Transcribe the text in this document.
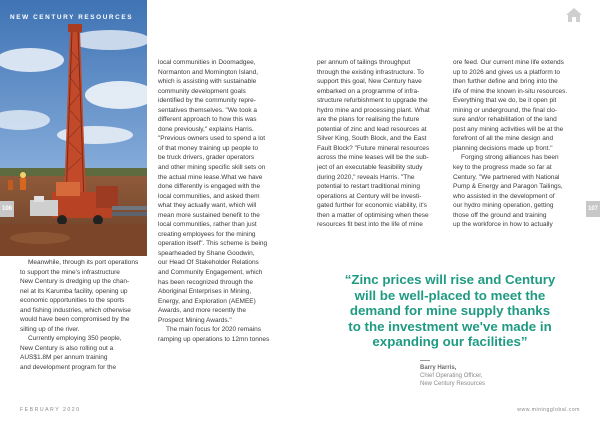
NEW CENTURY RESOURCES
106	107

Meanwhile, through its port operations

to support the mine's infrastructure

New Century is dredging up the chan-

nel at its Karumba facility, opening up

economic opportunities to the sports

and fishing industries, which otherwise

would have been compromised by the

silting up of the river.

Currently employing 350 people,

New Century is also rolling out a

AUS$1.8M per annum training

and development program for the

local communities in Doomadgee,

Normanton and Mornington Island,

which is assisting with sustainable

community development goals

identified by the community repre-

sentatives themselves. "We took a

different approach to how this was

done previously," explains Harris.

"Previous owners used to spend a lot

of that money training up people to

be truck drivers, grader operators

and other mining specific skill sets on

the actual mine lease.What we have

done differently is engaged with the

local communities, and asked them

what they actually want, which will

mean more sustained benefit to the

local communities, rather than just

creating employees for the mining

operation itself". This scheme is being

spearheaded by Shane Goodwin,

our Head Of Stakeholder Relations

and Community Engagement, which

has been recognized through the

Aboriginal Enterprises in Mining,

Energy, and Exploration (AEMEE)

Awards, and more recently the

Prospect Mining Awards."

The main focus for 2020 remains

ramping up operations to 12mn tonnes

per annum of tailings throughput

through the existing infrastructure. To

support this goal, New Century have

embarked on a programme of infra-

structure refurbishment to upgrade the

hydro mine and processing plant. What

are the plans for realising the future

potential of zinc and lead resources at

Silver King, South Block, and the East

Fault Block? "Future mineral resources

across the mine leases will be the sub-

ject of an executable feasibility study

during 2020," reveals Harris. "The

potential to restart traditional mining

operations at Century will be investi-

gated further for economic viability, it's

then a matter of optimising when these

resources fit best into the life of mine

ore feed. Our current mine life extends

up to 2026 and gives us a platform to

then further define and bring into the

life of mine the known in-situ resources.

Everything that we do, be it open pit

mining or underground, the final clo-

sure and/or rehabilitation of the land

post any mining activities will be at the

forefront of all the mine design and

planning decisions made up front."

Forging strong alliances has been

key to the progress made so far at

Century. "We partnered with National

Pump & Energy and Paragon Tailings,

who assisted in the development of

our hydro mining operation, getting

those off the ground and training

up the workforce in how to actually

“Zinc prices will rise and Century

will be well-placed to meet the

demand for mine supply thanks

to the investment we've made in

expanding our facilities”

Barry Harris,
Chief Operating Officer,
New Century Resources
FEBRUARY 2020	www.miningglobal.com
